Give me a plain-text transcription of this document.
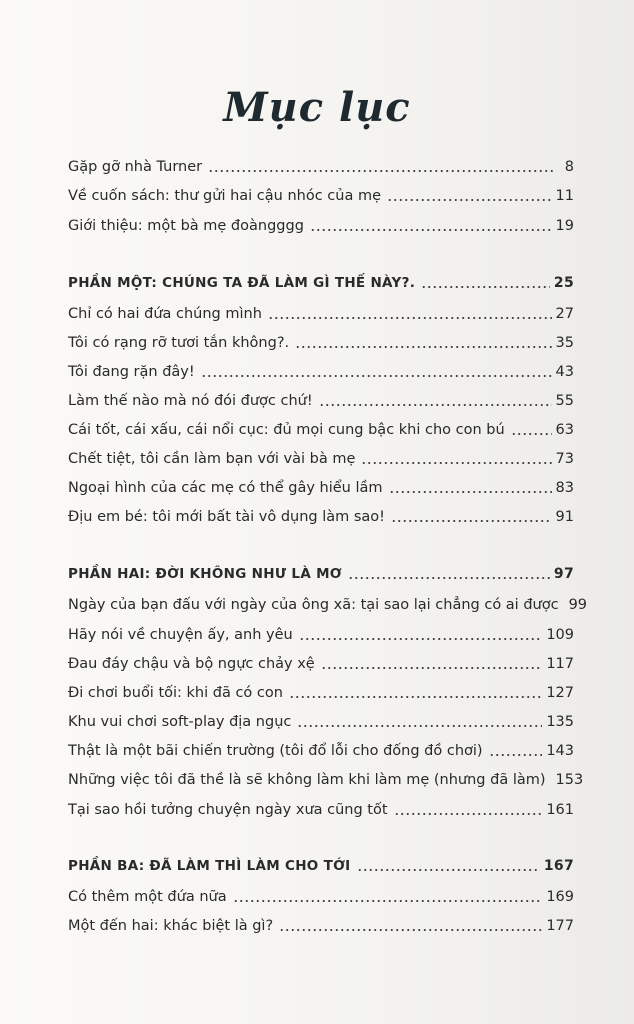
Mục lục
Gặp gỡ nhà Turner	8
Về cuốn sách: thư gửi hai cậu nhóc của mẹ	11
Giới thiệu: một bà mẹ đoàngggg	19
PHẦN MỘT: CHÚNG TA ĐÃ LÀM GÌ THẾ NÀY?.	25
Chỉ có hai đứa chúng mình	27
Tôi có rạng rỡ tươi tắn không?.	35
Tôi đang rặn đây!	43
Làm thế nào mà nó đói được chứ!	55
Cái tốt, cái xấu, cái nổi cục: đủ mọi cung bậc khi cho con bú	63
Chết tiệt, tôi cần làm bạn với vài bà mẹ	73
Ngoại hình của các mẹ có thể gây hiểu lầm	83
Địu em bé: tôi mới bất tài vô dụng làm sao!	91
PHẦN HAI: ĐỜI KHÔNG NHƯ LÀ MƠ	97
Ngày của bạn đấu với ngày của ông xã: tại sao lại chẳng có ai được 99
Hãy nói về chuyện ấy, anh yêu	109
Đau đáy chậu và bộ ngực chảy xệ	117
Đi chơi buổi tối: khi đã có con	127
Khu vui chơi soft-play địa ngục	135
Thật là một bãi chiến trường (tôi đổ lỗi cho đống đồ chơi)	143
Những việc tôi đã thề là sẽ không làm khi làm mẹ (nhưng đã làm) 153
Tại sao hồi tưởng chuyện ngày xưa cũng tốt	161
PHẦN BA: ĐÃ LÀM THÌ LÀM CHO TỚI	167
Có thêm một đứa nữa	169
Một đến hai: khác biệt là gì?	177
